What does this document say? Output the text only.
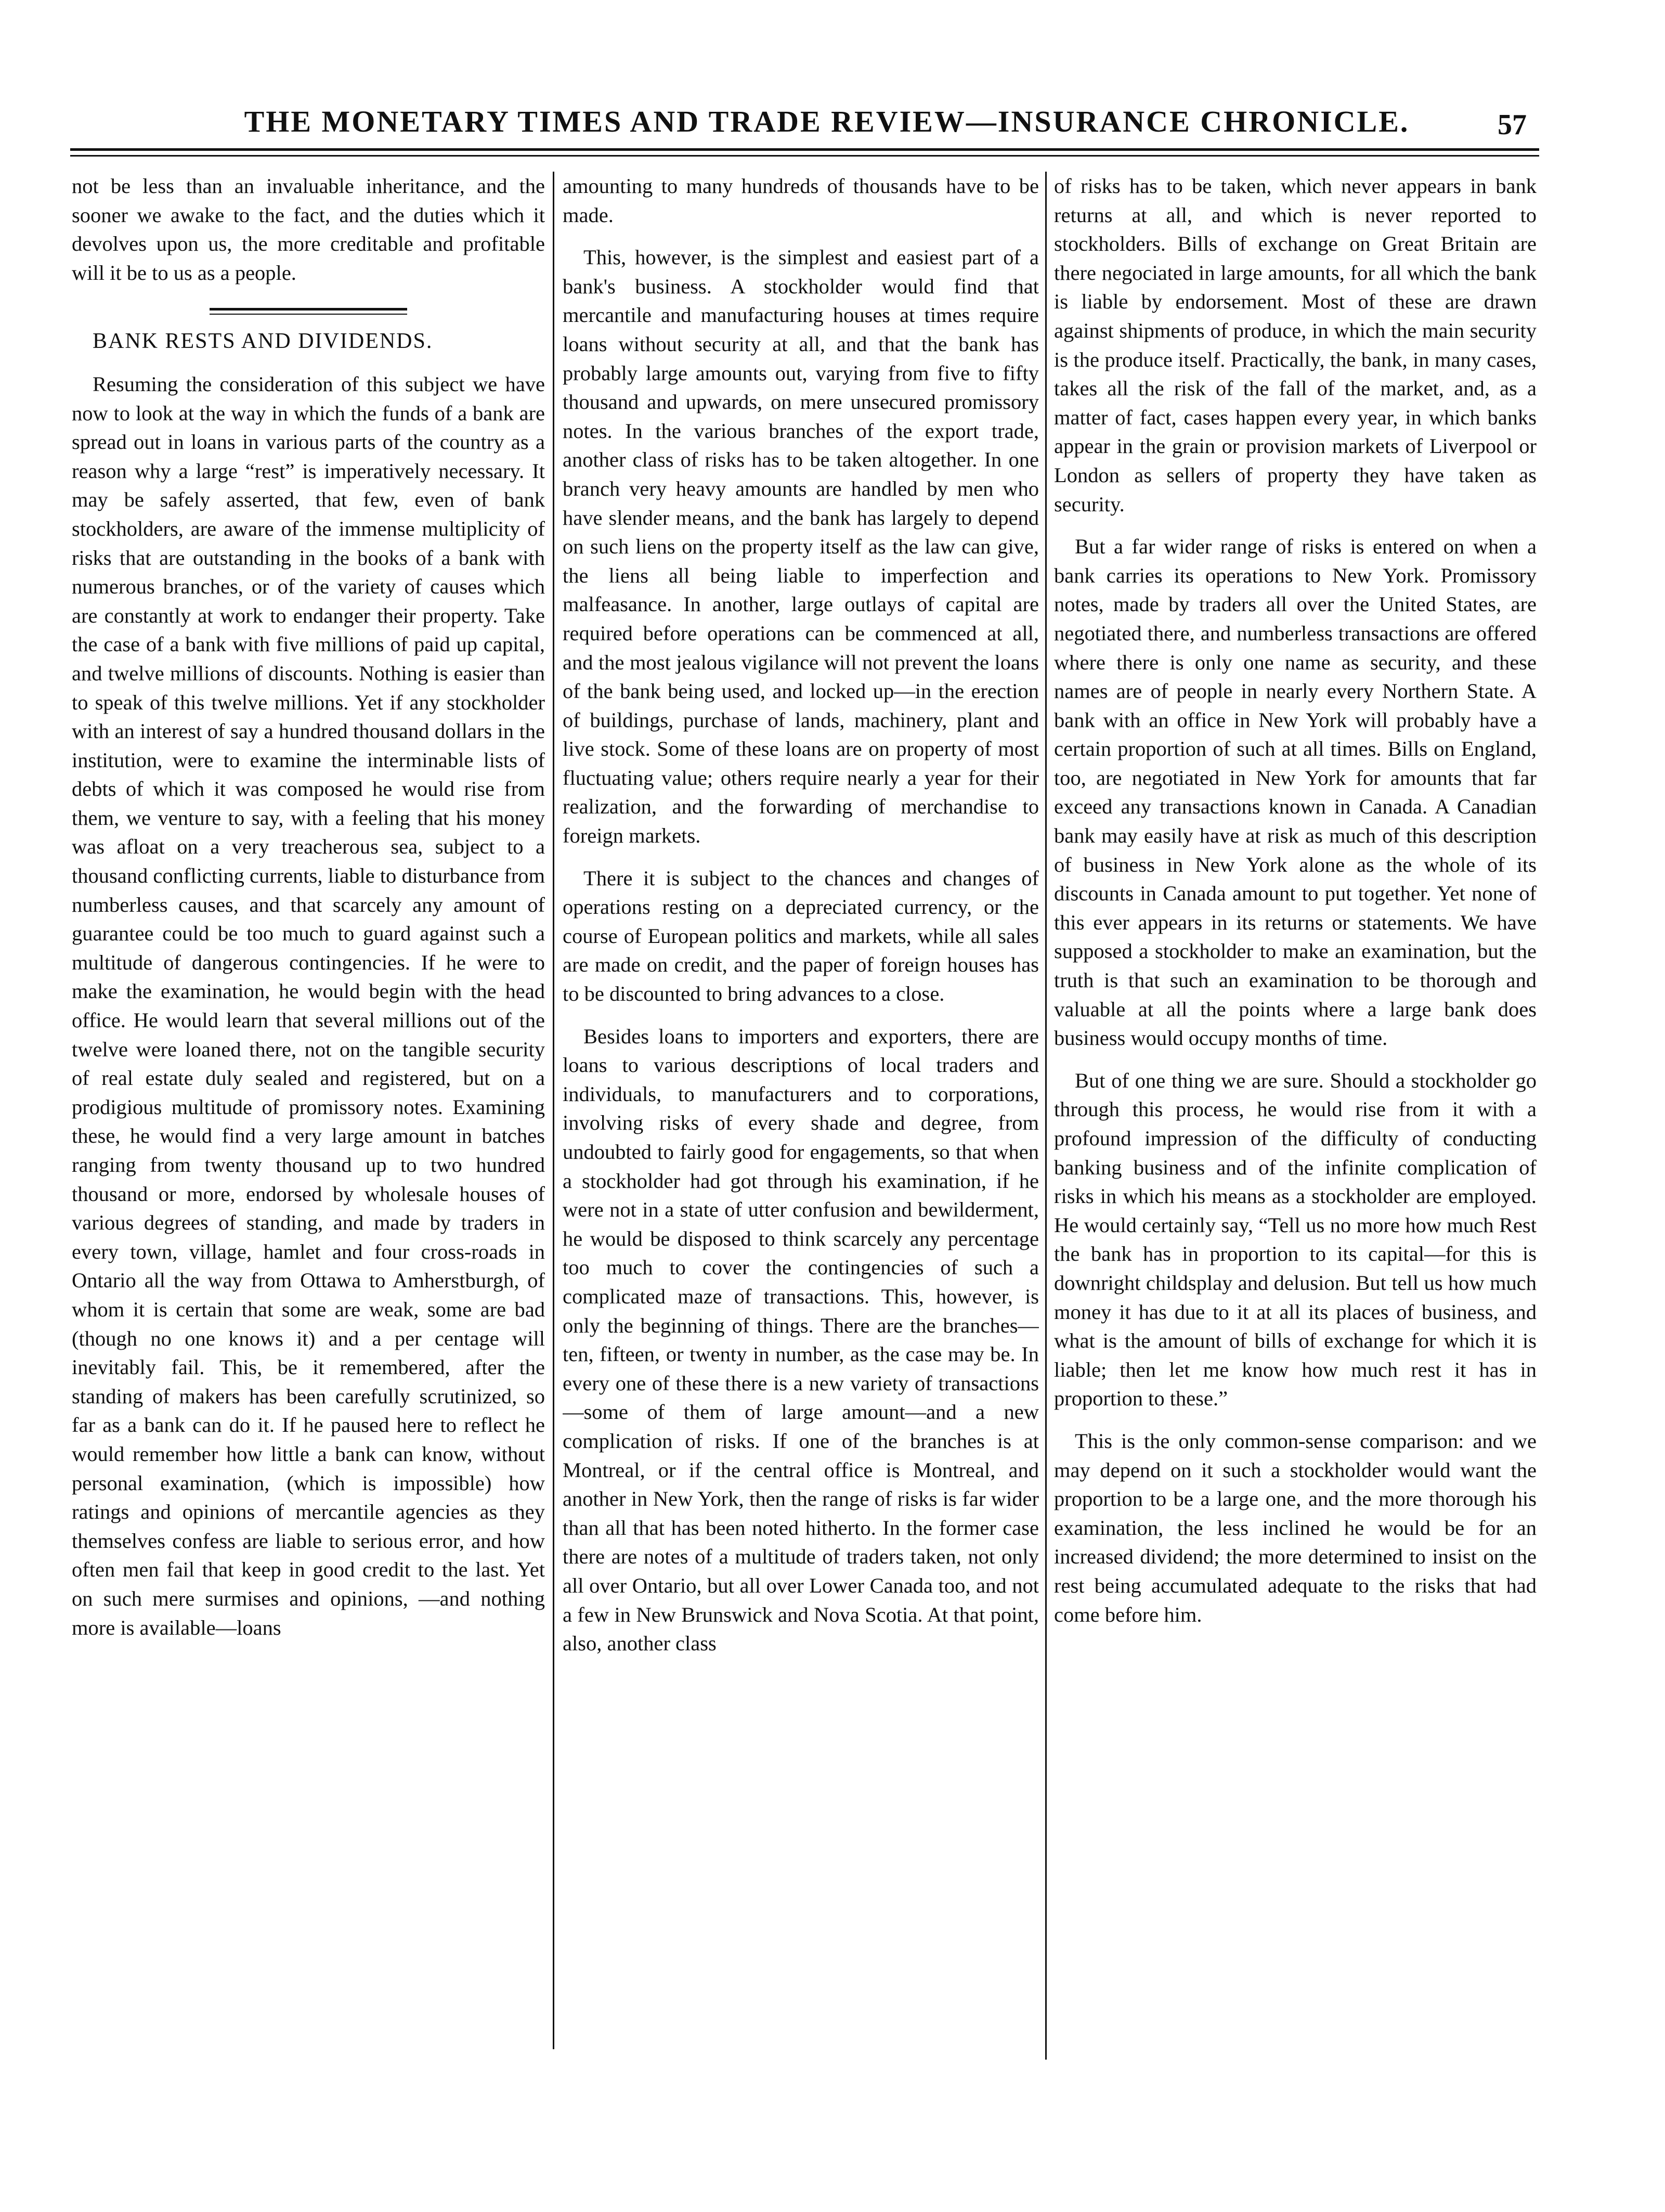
THE MONETARY TIMES AND TRADE REVIEW—INSURANCE CHRONICLE.	57

not be less than an invaluable inheritance, and the sooner we awake to the fact, and the duties which it devolves upon us, the more creditable and profitable will it be to us as a people.

BANK RESTS AND DIVIDENDS.

Resuming the consideration of this subject we have now to look at the way in which the funds of a bank are spread out in loans in various parts of the country as a reason why a large “rest” is imperatively necessary. It may be safely asserted, that few, even of bank stockholders, are aware of the immense multiplicity of risks that are outstanding in the books of a bank with numerous branches, or of the variety of causes which are constantly at work to endanger their property. Take the case of a bank with five millions of paid up capital, and twelve millions of discounts. Nothing is easier than to speak of this twelve millions. Yet if any stockholder with an interest of say a hundred thousand dollars in the institution, were to examine the interminable lists of debts of which it was composed he would rise from them, we venture to say, with a feeling that his money was afloat on a very treacherous sea, subject to a thousand conflicting currents, liable to disturbance from numberless causes, and that scarcely any amount of guarantee could be too much to guard against such a multitude of dangerous contingencies. If he were to make the examination, he would begin with the head office. He would learn that several millions out of the twelve were loaned there, not on the tangible security of real estate duly sealed and registered, but on a prodigious multitude of promissory notes. Examining these, he would find a very large amount in batches ranging from twenty thousand up to two hundred thousand or more, endorsed by wholesale houses of various degrees of standing, and made by traders in every town, village, hamlet and four cross-roads in Ontario all the way from Ottawa to Amherstburgh, of whom it is certain that some are weak, some are bad (though no one knows it) and a per centage will inevitably fail. This, be it remembered, after the standing of makers has been carefully scrutinized, so far as a bank can do it. If he paused here to reflect he would remember how little a bank can know, without personal examination, (which is impossible) how ratings and opinions of mercantile agencies as they themselves confess are liable to serious error, and how often men fail that keep in good credit to the last. Yet on such mere surmises and opinions, —and nothing more is available—loans

amounting to many hundreds of thousands have to be made.

This, however, is the simplest and easiest part of a bank's business. A stockholder would find that mercantile and manufacturing houses at times require loans without security at all, and that the bank has probably large amounts out, varying from five to fifty thousand and upwards, on mere unsecured promissory notes. In the various branches of the export trade, another class of risks has to be taken altogether. In one branch very heavy amounts are handled by men who have slender means, and the bank has largely to depend on such liens on the property itself as the law can give, the liens all being liable to imperfection and malfeasance. In another, large outlays of capital are required before operations can be commenced at all, and the most jealous vigilance will not prevent the loans of the bank being used, and locked up—in the erection of buildings, purchase of lands, machinery, plant and live stock. Some of these loans are on property of most fluctuating value; others require nearly a year for their realization, and the forwarding of merchandise to foreign markets.

There it is subject to the chances and changes of operations resting on a depreciated currency, or the course of European politics and markets, while all sales are made on credit, and the paper of foreign houses has to be discounted to bring advances to a close.

Besides loans to importers and exporters, there are loans to various descriptions of local traders and individuals, to manufacturers and to corporations, involving risks of every shade and degree, from undoubted to fairly good for engagements, so that when a stockholder had got through his examination, if he were not in a state of utter confusion and bewilderment, he would be disposed to think scarcely any percentage too much to cover the contingencies of such a complicated maze of transactions. This, however, is only the beginning of things. There are the branches—ten, fifteen, or twenty in number, as the case may be. In every one of these there is a new variety of transactions—some of them of large amount—and a new complication of risks. If one of the branches is at Montreal, or if the central office is Montreal, and another in New York, then the range of risks is far wider than all that has been noted hitherto. In the former case there are notes of a multitude of traders taken, not only all over Ontario, but all over Lower Canada too, and not a few in New Brunswick and Nova Scotia. At that point, also, another class

of risks has to be taken, which never appears in bank returns at all, and which is never reported to stockholders. Bills of exchange on Great Britain are there negociated in large amounts, for all which the bank is liable by endorsement. Most of these are drawn against shipments of produce, in which the main security is the produce itself. Practically, the bank, in many cases, takes all the risk of the fall of the market, and, as a matter of fact, cases happen every year, in which banks appear in the grain or provision markets of Liverpool or London as sellers of property they have taken as security.

But a far wider range of risks is entered on when a bank carries its operations to New York. Promissory notes, made by traders all over the United States, are negotiated there, and numberless transactions are offered where there is only one name as security, and these names are of people in nearly every Northern State. A bank with an office in New York will probably have a certain proportion of such at all times. Bills on England, too, are negotiated in New York for amounts that far exceed any transactions known in Canada. A Canadian bank may easily have at risk as much of this description of business in New York alone as the whole of its discounts in Canada amount to put together. Yet none of this ever appears in its returns or statements. We have supposed a stockholder to make an examination, but the truth is that such an examination to be thorough and valuable at all the points where a large bank does business would occupy months of time.

But of one thing we are sure. Should a stockholder go through this process, he would rise from it with a profound impression of the difficulty of conducting banking business and of the infinite complication of risks in which his means as a stockholder are employed. He would certainly say, “Tell us no more how much Rest the bank has in proportion to its capital—for this is downright childsplay and delusion. But tell us how much money it has due to it at all its places of business, and what is the amount of bills of exchange for which it is liable; then let me know how much rest it has in proportion to these.”

This is the only common-sense comparison: and we may depend on it such a stockholder would want the proportion to be a large one, and the more thorough his examination, the less inclined he would be for an increased dividend; the more determined to insist on the rest being accumulated adequate to the risks that had come before him.
